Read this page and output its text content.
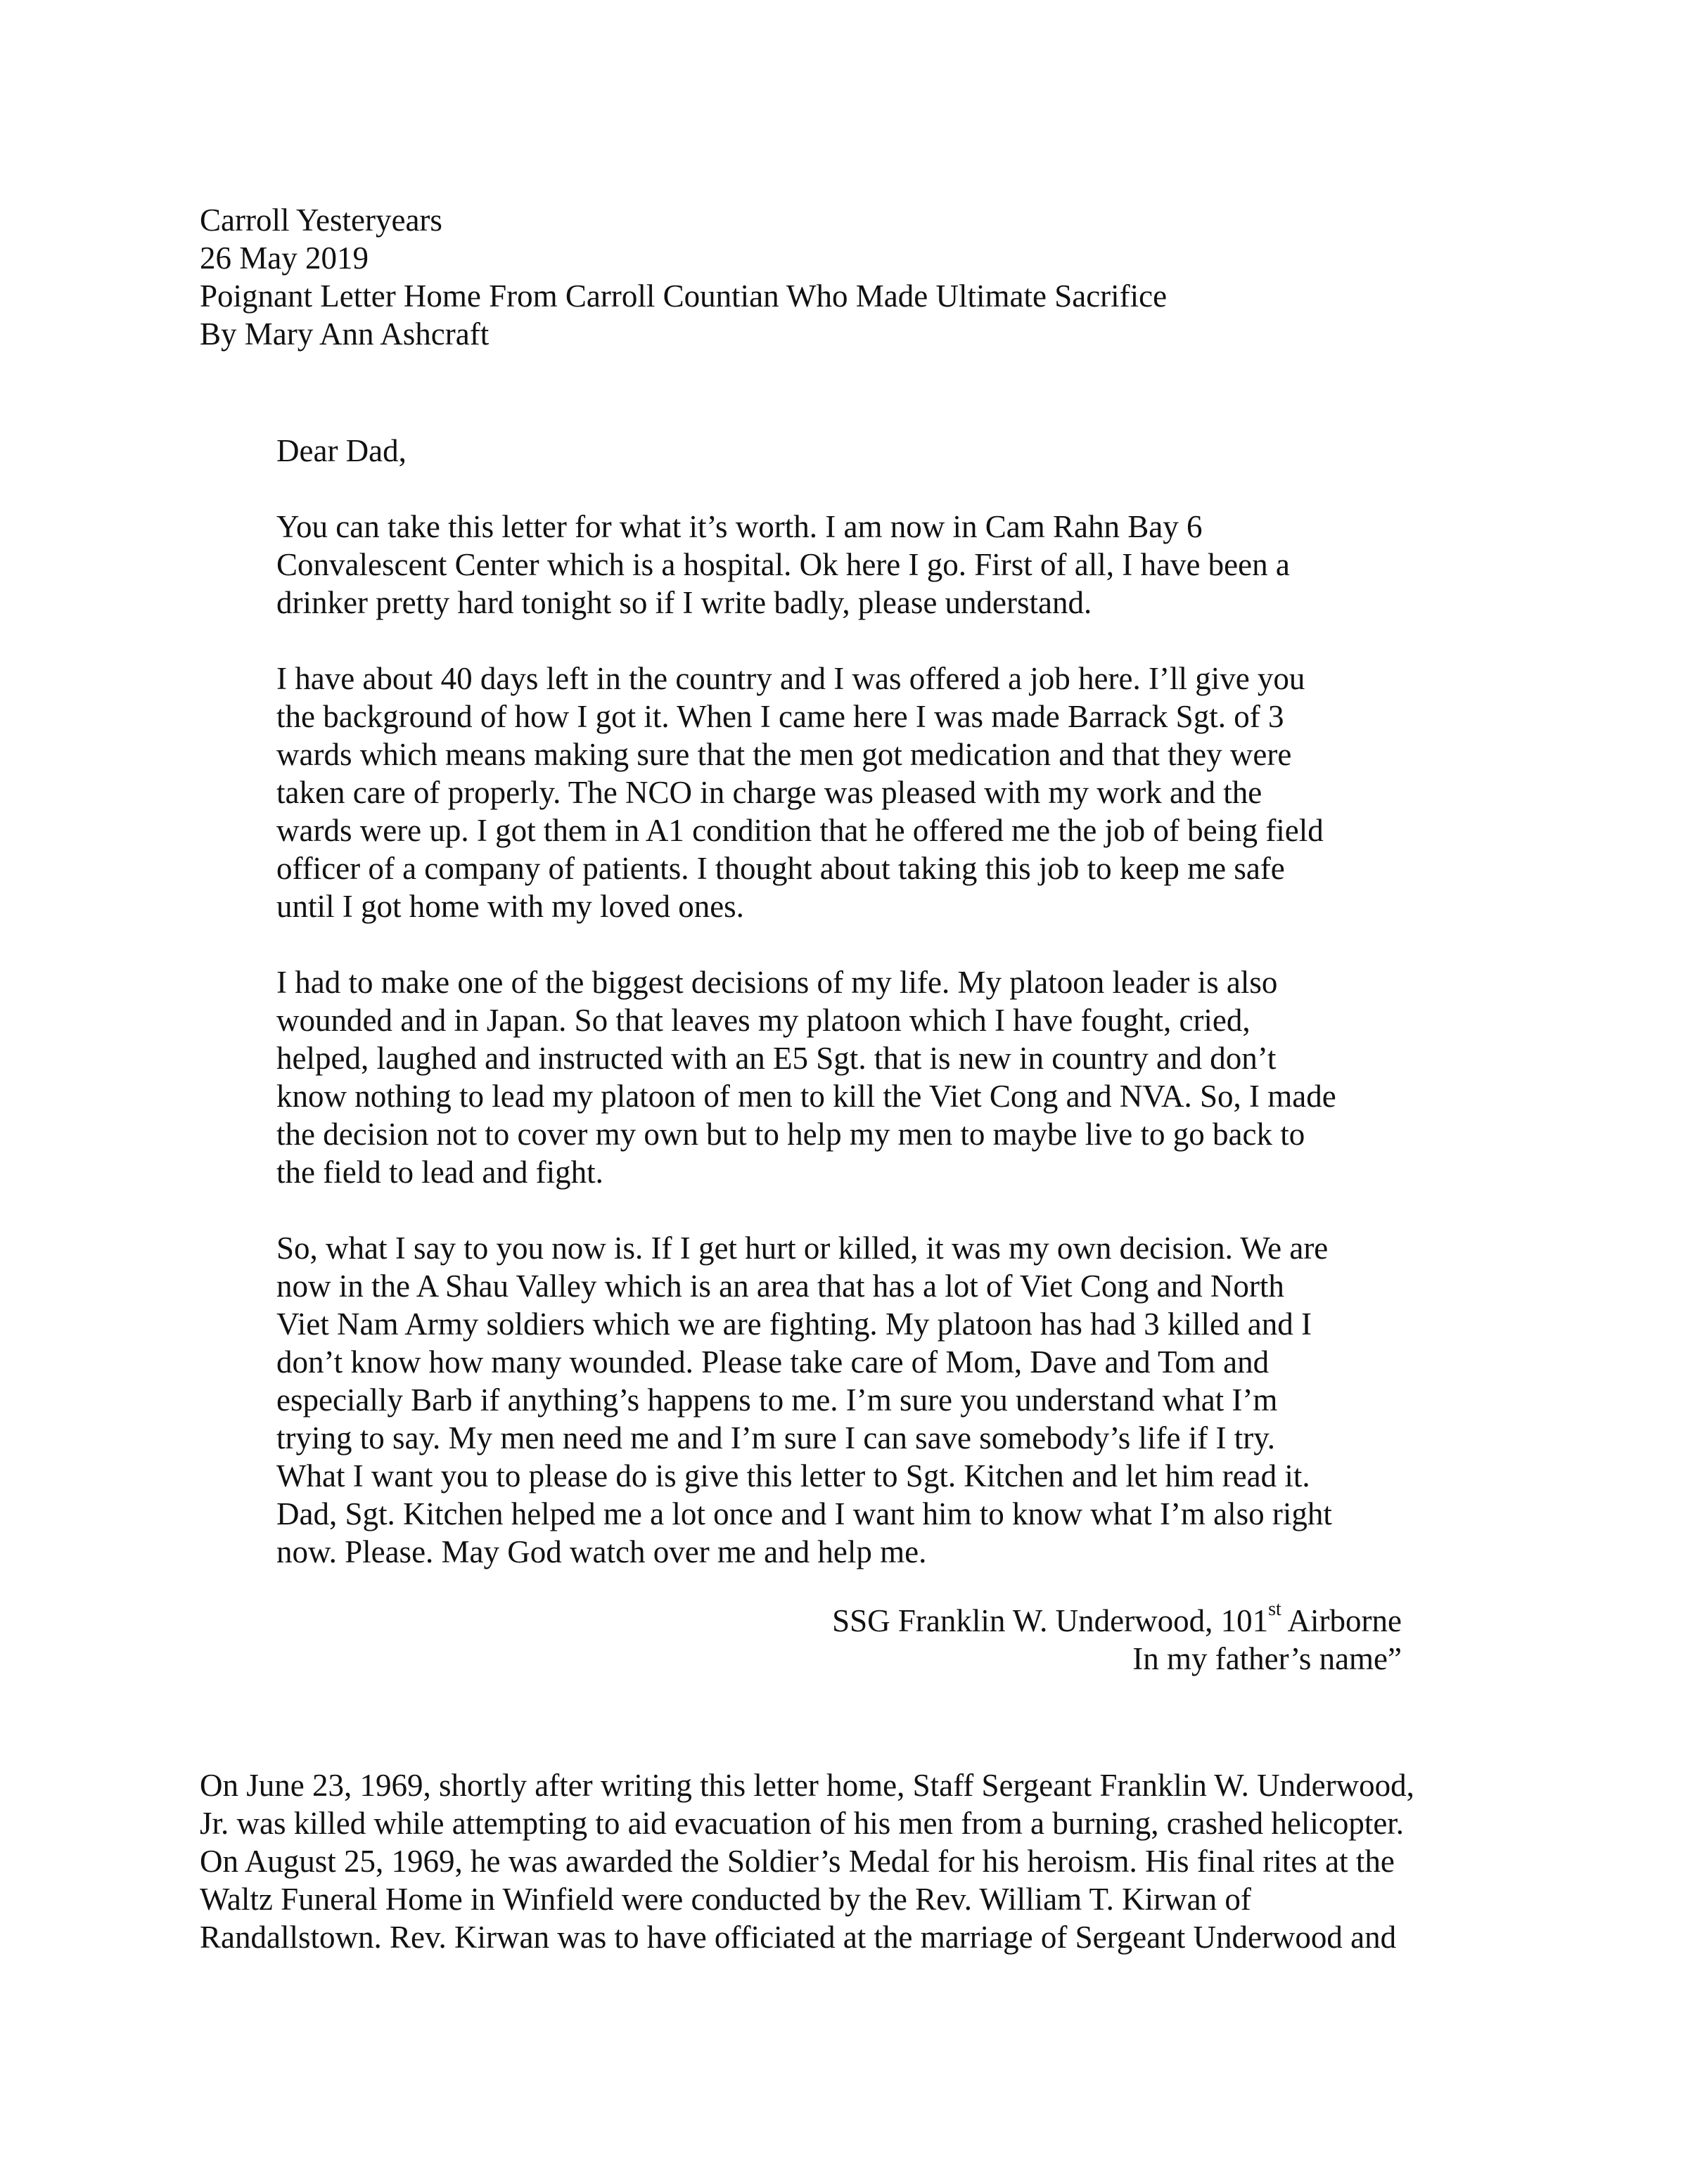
Carroll Yesteryears
26 May 2019
Poignant Letter Home From Carroll Countian Who Made Ultimate Sacrifice
By Mary Ann Ashcraft
Dear Dad,
You can take this letter for what it’s worth. I am now in Cam Rahn Bay 6
Convalescent Center which is a hospital. Ok here I go. First of all, I have been a
drinker pretty hard tonight so if I write badly, please understand.
I have about 40 days left in the country and I was offered a job here. I’ll give you
the background of how I got it. When I came here I was made Barrack Sgt. of 3
wards which means making sure that the men got medication and that they were
taken care of properly. The NCO in charge was pleased with my work and the
wards were up. I got them in A1 condition that he offered me the job of being field
officer of a company of patients. I thought about taking this job to keep me safe
until I got home with my loved ones.
I had to make one of the biggest decisions of my life. My platoon leader is also
wounded and in Japan. So that leaves my platoon which I have fought, cried,
helped, laughed and instructed with an E5 Sgt. that is new in country and don’t
know nothing to lead my platoon of men to kill the Viet Cong and NVA. So, I made
the decision not to cover my own but to help my men to maybe live to go back to
the field to lead and fight.
So, what I say to you now is. If I get hurt or killed, it was my own decision. We are
now in the A Shau Valley which is an area that has a lot of Viet Cong and North
Viet Nam Army soldiers which we are fighting. My platoon has had 3 killed and I
don’t know how many wounded. Please take care of Mom, Dave and Tom and
especially Barb if anything’s happens to me. I’m sure you understand what I’m
trying to say. My men need me and I’m sure I can save somebody’s life if I try.
What I want you to please do is give this letter to Sgt. Kitchen and let him read it.
Dad, Sgt. Kitchen helped me a lot once and I want him to know what I’m also right
now. Please. May God watch over me and help me.
SSG Franklin W. Underwood, 101st Airborne
In my father’s name”
On June 23, 1969, shortly after writing this letter home, Staff Sergeant Franklin W. Underwood,
Jr. was killed while attempting to aid evacuation of his men from a burning, crashed helicopter.
On August 25, 1969, he was awarded the Soldier’s Medal for his heroism. His final rites at the
Waltz Funeral Home in Winfield were conducted by the Rev. William T. Kirwan of
Randallstown. Rev. Kirwan was to have officiated at the marriage of Sergeant Underwood and
